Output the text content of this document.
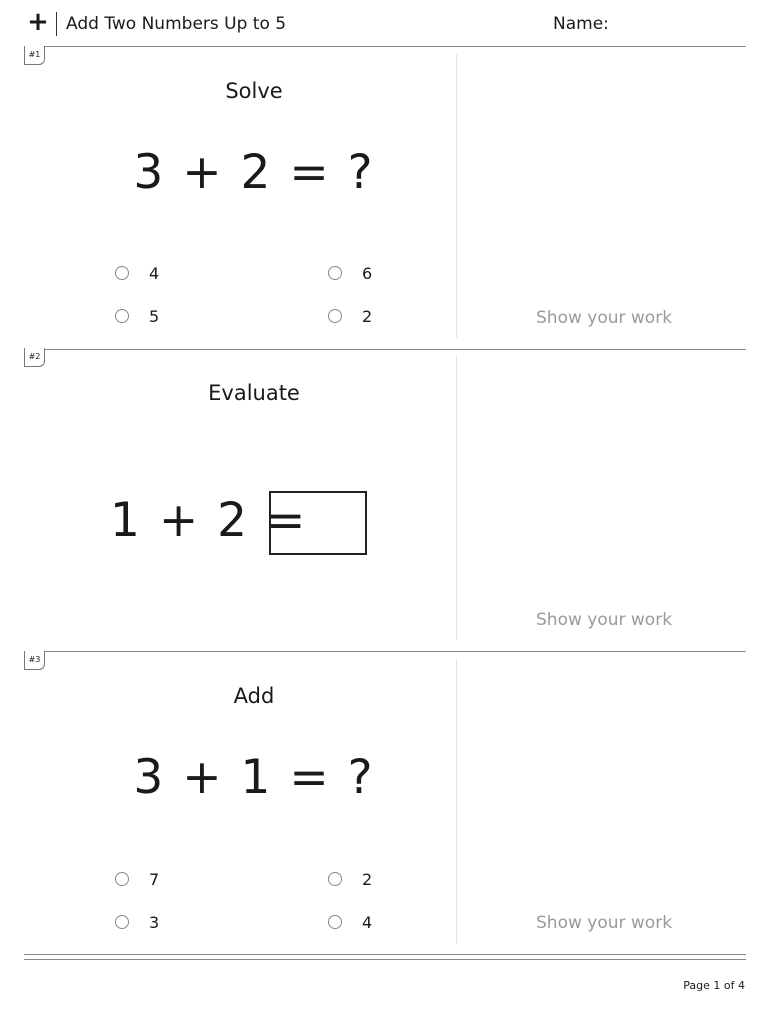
+ Add Two Numbers Up to 5	Name:
#1
Solve
3 + 2 = ?
4	6
5	2	Show your work
#2
Evaluate
1 + 2 =
Show your work
#3
Add
3 + 1 = ?
7	2
3	4	Show your work
Page 1 of 4
